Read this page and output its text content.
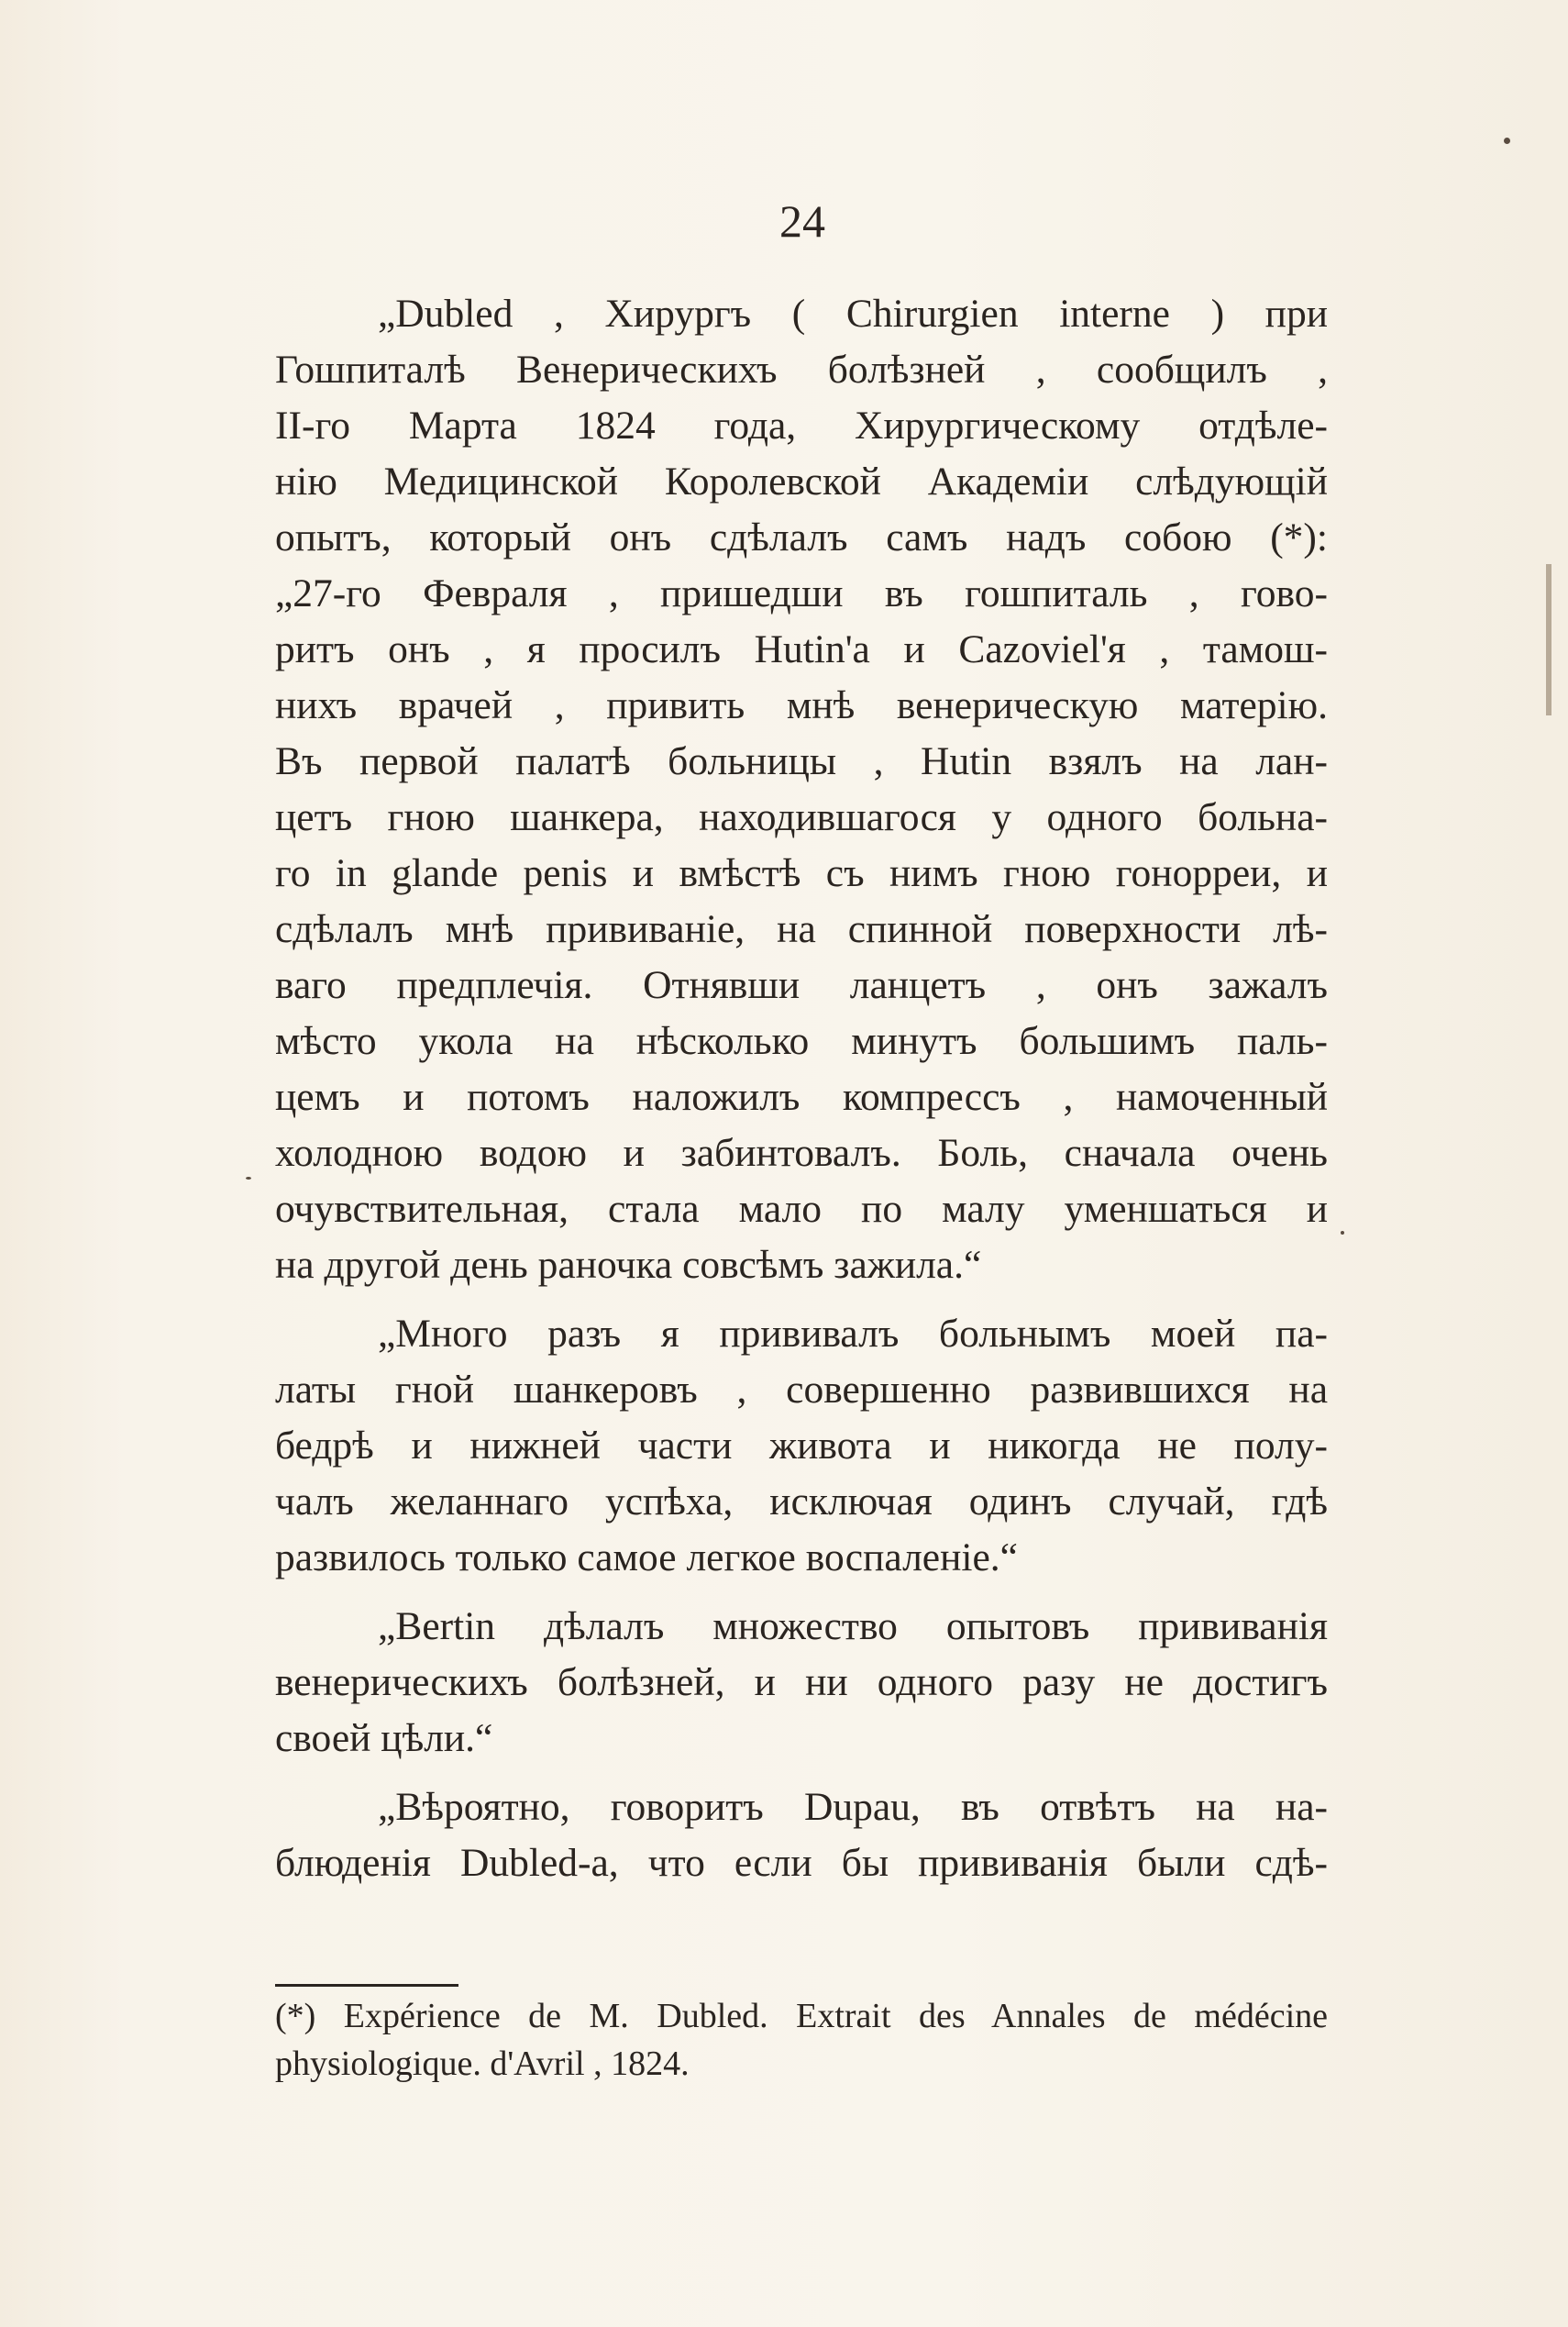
24
„Dubled , Хирургъ ( Chirurgien interne ) при
Гошпиталѣ Венерическихъ болѣзней , сообщилъ ,
II-го Марта 1824 года, Хирургическому отдѣле-
нію Медицинской Королевской Академіи слѣдующій
опытъ, который онъ сдѣлалъ самъ надъ собою (*):
„27-го Февраля , пришедши въ гошпиталь , гово-
ритъ онъ , я просилъ Hutin'a и Cazoviel'я , тамош-
нихъ врачей , привить мнѣ венерическую матерію.
Въ первой палатѣ больницы , Hutin взялъ на лан-
цетъ гною шанкера, находившагося у одного больна-
го in glande penis и вмѣстѣ съ нимъ гною гонорреи, и
сдѣлалъ мнѣ прививаніе, на спинной поверхности лѣ-
ваго предплечія. Отнявши ланцетъ , онъ зажалъ
мѣсто укола на нѣсколько минутъ большимъ паль-
цемъ и потомъ наложилъ компрессъ , намоченный
холодною водою и забинтовалъ. Боль, сначала очень
очувствительная, стала мало по малу уменшаться и
на другой день раночка совсѣмъ зажила.“
„Много разъ я прививалъ больнымъ моей па-
латы гной шанкеровъ , совершенно развившихся на
бедрѣ и нижней части живота и никогда не полу-
чалъ желаннаго успѣха, исключая одинъ случай, гдѣ
развилось только самое легкое воспаленіе.“
„Bertin дѣлалъ множество опытовъ прививанія
венерическихъ болѣзней, и ни одного разу не достигъ
своей цѣли.“
„Вѣроятно, говоритъ Dupau, въ отвѣтъ на на-
блюденія Dubled-a, что если бы прививанія были сдѣ-
(*) Expérience de M. Dubled. Extrait des Annales de médécine
physiologique. d'Avril , 1824.
